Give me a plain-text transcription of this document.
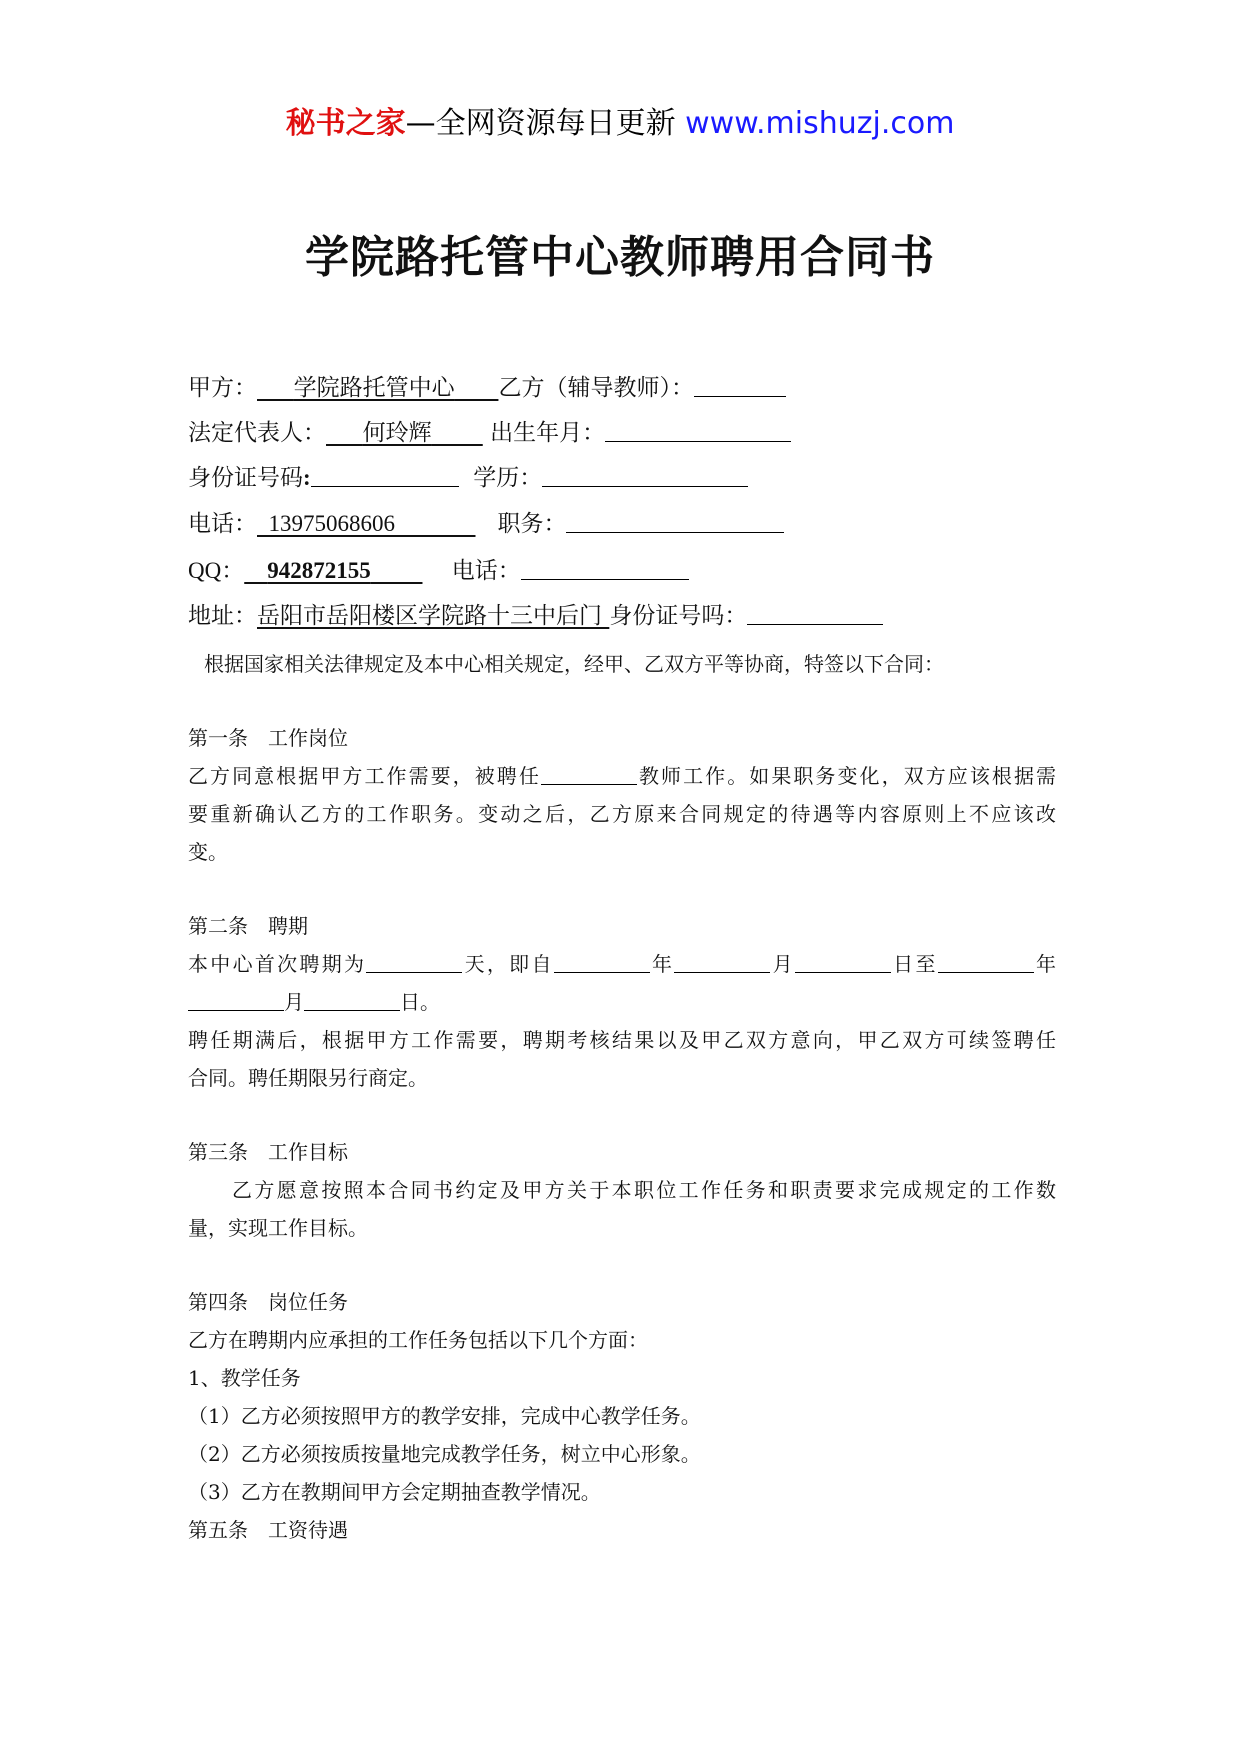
秘书之家—全网资源每日更新 www.mishuzj.com
学院路托管中心教师聘用合同书
甲方： 学院路托管中心 乙方（辅导教师）：
法定代表人： 何玲辉	出生年月：
身份证号码:	学历：
电话： 13975068606	职务：
QQ： 942872155	电话：
地址：岳阳市岳阳楼区学院路十三中后门 身份证号吗：
根据国家相关法律规定及本中心相关规定，经甲、乙双方平等协商，特签以下合同：
第一条　工作岗位
乙方同意根据甲方工作需要，被聘任	教师工作。如果职务变化，双方应该根据需
要重新确认乙方的工作职务。变动之后，乙方原来合同规定的待遇等内容原则上不应该改
变。
第二条　聘期
本中心首次聘期为	天，即自	年	月	日至	年
月	日。
聘任期满后，根据甲方工作需要，聘期考核结果以及甲乙双方意向，甲乙双方可续签聘任
合同。聘任期限另行商定。
第三条　工作目标
乙方愿意按照本合同书约定及甲方关于本职位工作任务和职责要求完成规定的工作数
量，实现工作目标。
第四条　岗位任务
乙方在聘期内应承担的工作任务包括以下几个方面：
1、教学任务
（1）乙方必须按照甲方的教学安排，完成中心教学任务。
（2）乙方必须按质按量地完成教学任务，树立中心形象。
（3）乙方在教期间甲方会定期抽查教学情况。
第五条　工资待遇
